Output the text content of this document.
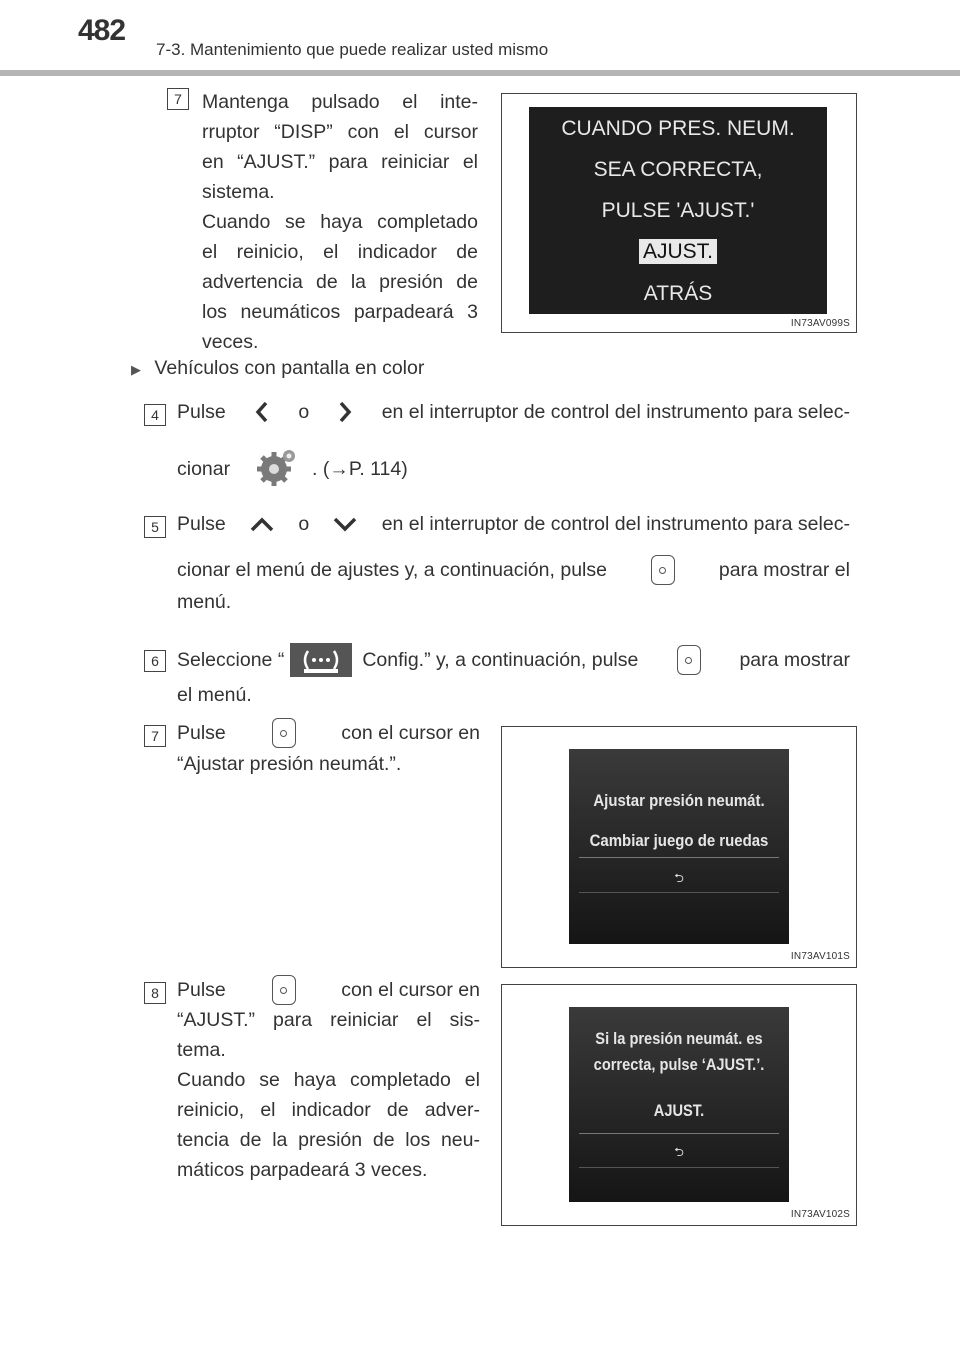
482
7-3. Mantenimiento que puede realizar usted mismo
7	Mantenga pulsado el inte-
rruptor “DISP” con el cursor
en “AJUST.” para reiniciar el
sistema.
Cuando se haya completado
el reinicio, el indicador de
advertencia de la presión de
los neumáticos parpadeará 3
veces.
CUANDO PRES. NEUM.
SEA CORRECTA,
PULSE 'AJUST.'
AJUST.
ATRÁS
IN73AV099S
▶ Vehículos con pantalla en color
4 Pulse	o	en el interruptor de control del instrumento para selec-
cionar	. (→P. 114)
5 Pulse	o	en el interruptor de control del instrumento para selec-
cionar el menú de ajustes y, a continuación, pulse	para mostrar el
menú.
6 Seleccione “	Config.” y, a continuación, pulse	para mostrar
el menú.
7 Pulse	con el cursor en
“Ajustar presión neumát.”.
Ajustar presión neumát.
Cambiar juego de ruedas
⮌
IN73AV101S
8 Pulse	con el cursor en
“AJUST.” para reiniciar el sis-
tema.
Cuando se haya completado el
reinicio, el indicador de adver-
tencia de la presión de los neu-
máticos parpadeará 3 veces.
Si la presión neumát. es
correcta, pulse ‘AJUST.’.
AJUST.
⮌
IN73AV102S
